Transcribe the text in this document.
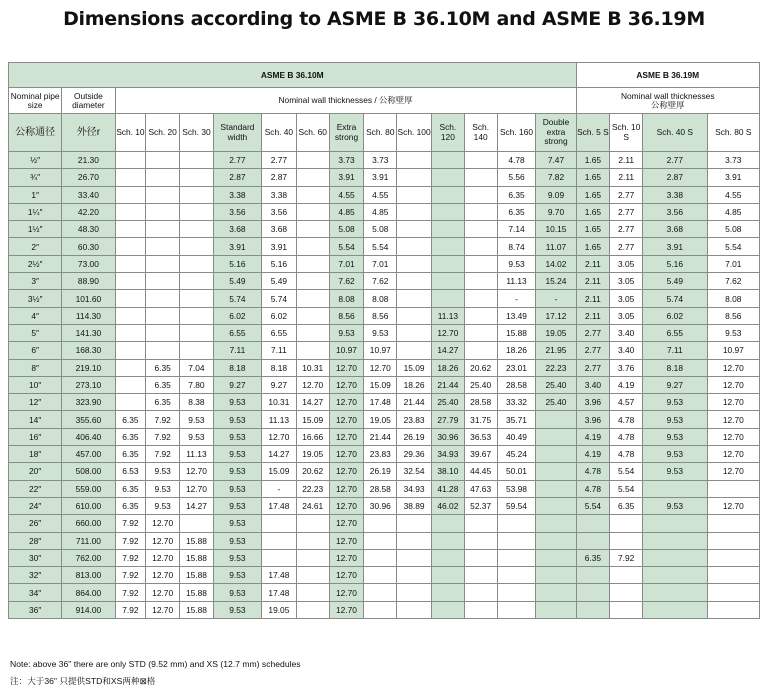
Dimensions according to ASME B 36.10M and ASME B 36.19M
ASME B 36.10M															ASME B 36.19M			
Nominal pipe size	Outside diameter	Nominal wall thicknesses / 公称壁厚													Nominal wall thicknesses
公称壁厚			
公称通径	外径r	Sch. 10	Sch. 20	Sch. 30	Standard width	Sch. 40	Sch. 60	Extra strong	Sch. 80	Sch. 100	Sch. 120	Sch. 140	Sch. 160	Double extra strong	Sch. 5 S	Sch. 10 S	Sch. 40 S	Sch. 80 S
½″	21.30				2.77	2.77		3.73	3.73				4.78	7.47	1.65	2.11	2.77	3.73
¾″	26.70				2.87	2.87		3.91	3.91				5.56	7.82	1.65	2.11	2.87	3.91
1″	33.40				3.38	3.38		4.55	4.55				6.35	9.09	1.65	2.77	3.38	4.55
1¼″	42.20				3.56	3.56		4.85	4.85				6.35	9.70	1.65	2.77	3.56	4.85
1½″	48.30				3.68	3.68		5.08	5.08				7.14	10.15	1.65	2.77	3.68	5.08
2″	60.30				3.91	3.91		5.54	5.54				8.74	11.07	1.65	2.77	3.91	5.54
2½″	73.00				5.16	5.16		7.01	7.01				9.53	14.02	2.11	3.05	5.16	7.01
3″	88.90				5.49	5.49		7.62	7.62				11.13	15.24	2.11	3.05	5.49	7.62
3½″	101.60				5.74	5.74		8.08	8.08				-	-	2.11	3.05	5.74	8.08
4″	114.30				6.02	6.02		8.56	8.56		11.13		13.49	17.12	2.11	3.05	6.02	8.56
5″	141.30				6.55	6.55		9.53	9.53		12.70		15.88	19.05	2.77	3.40	6.55	9.53
6″	168.30				7.11	7.11		10.97	10.97		14.27		18.26	21.95	2.77	3.40	7.11	10.97
8″	219.10		6.35	7.04	8.18	8.18	10.31	12.70	12.70	15.09	18.26	20.62	23.01	22.23	2.77	3.76	8.18	12.70
10″	273.10		6.35	7.80	9.27	9.27	12.70	12.70	15.09	18.26	21.44	25.40	28.58	25.40	3.40	4.19	9.27	12.70
12″	323.90		6.35	8.38	9.53	10.31	14.27	12.70	17.48	21.44	25.40	28.58	33.32	25.40	3.96	4.57	9.53	12.70
14″	355.60	6.35	7.92	9.53	9.53	11.13	15.09	12.70	19.05	23.83	27.79	31.75	35.71		3.96	4.78	9.53	12.70
16″	406.40	6.35	7.92	9.53	9.53	12.70	16.66	12.70	21.44	26.19	30.96	36.53	40.49		4.19	4.78	9.53	12.70
18″	457.00	6.35	7.92	11.13	9.53	14.27	19.05	12.70	23.83	29.36	34.93	39.67	45.24		4.19	4.78	9.53	12.70
20″	508.00	6.53	9.53	12.70	9.53	15.09	20.62	12.70	26.19	32.54	38.10	44.45	50.01		4.78	5.54	9.53	12.70
22″	559.00	6.35	9.53	12.70	9.53	-	22.23	12.70	28.58	34.93	41.28	47.63	53.98		4.78	5.54		
24″	610.00	6.35	9.53	14.27	9.53	17.48	24.61	12.70	30.96	38.89	46.02	52.37	59.54		5.54	6.35	9.53	12.70
26″	660.00	7.92	12.70		9.53			12.70										
28″	711.00	7.92	12.70	15.88	9.53			12.70										
30″	762.00	7.92	12.70	15.88	9.53			12.70							6.35	7.92		
32″	813.00	7.92	12.70	15.88	9.53	17.48		12.70										
34″	864.00	7.92	12.70	15.88	9.53	17.48		12.70										
36″	914.00	7.92	12.70	15.88	9.53	19.05		12.70										
Note: above 36" there are only STD (9.52 mm) and XS (12.7 mm) schedules
注：大于36" 只提供STD和XS两种⊠格
